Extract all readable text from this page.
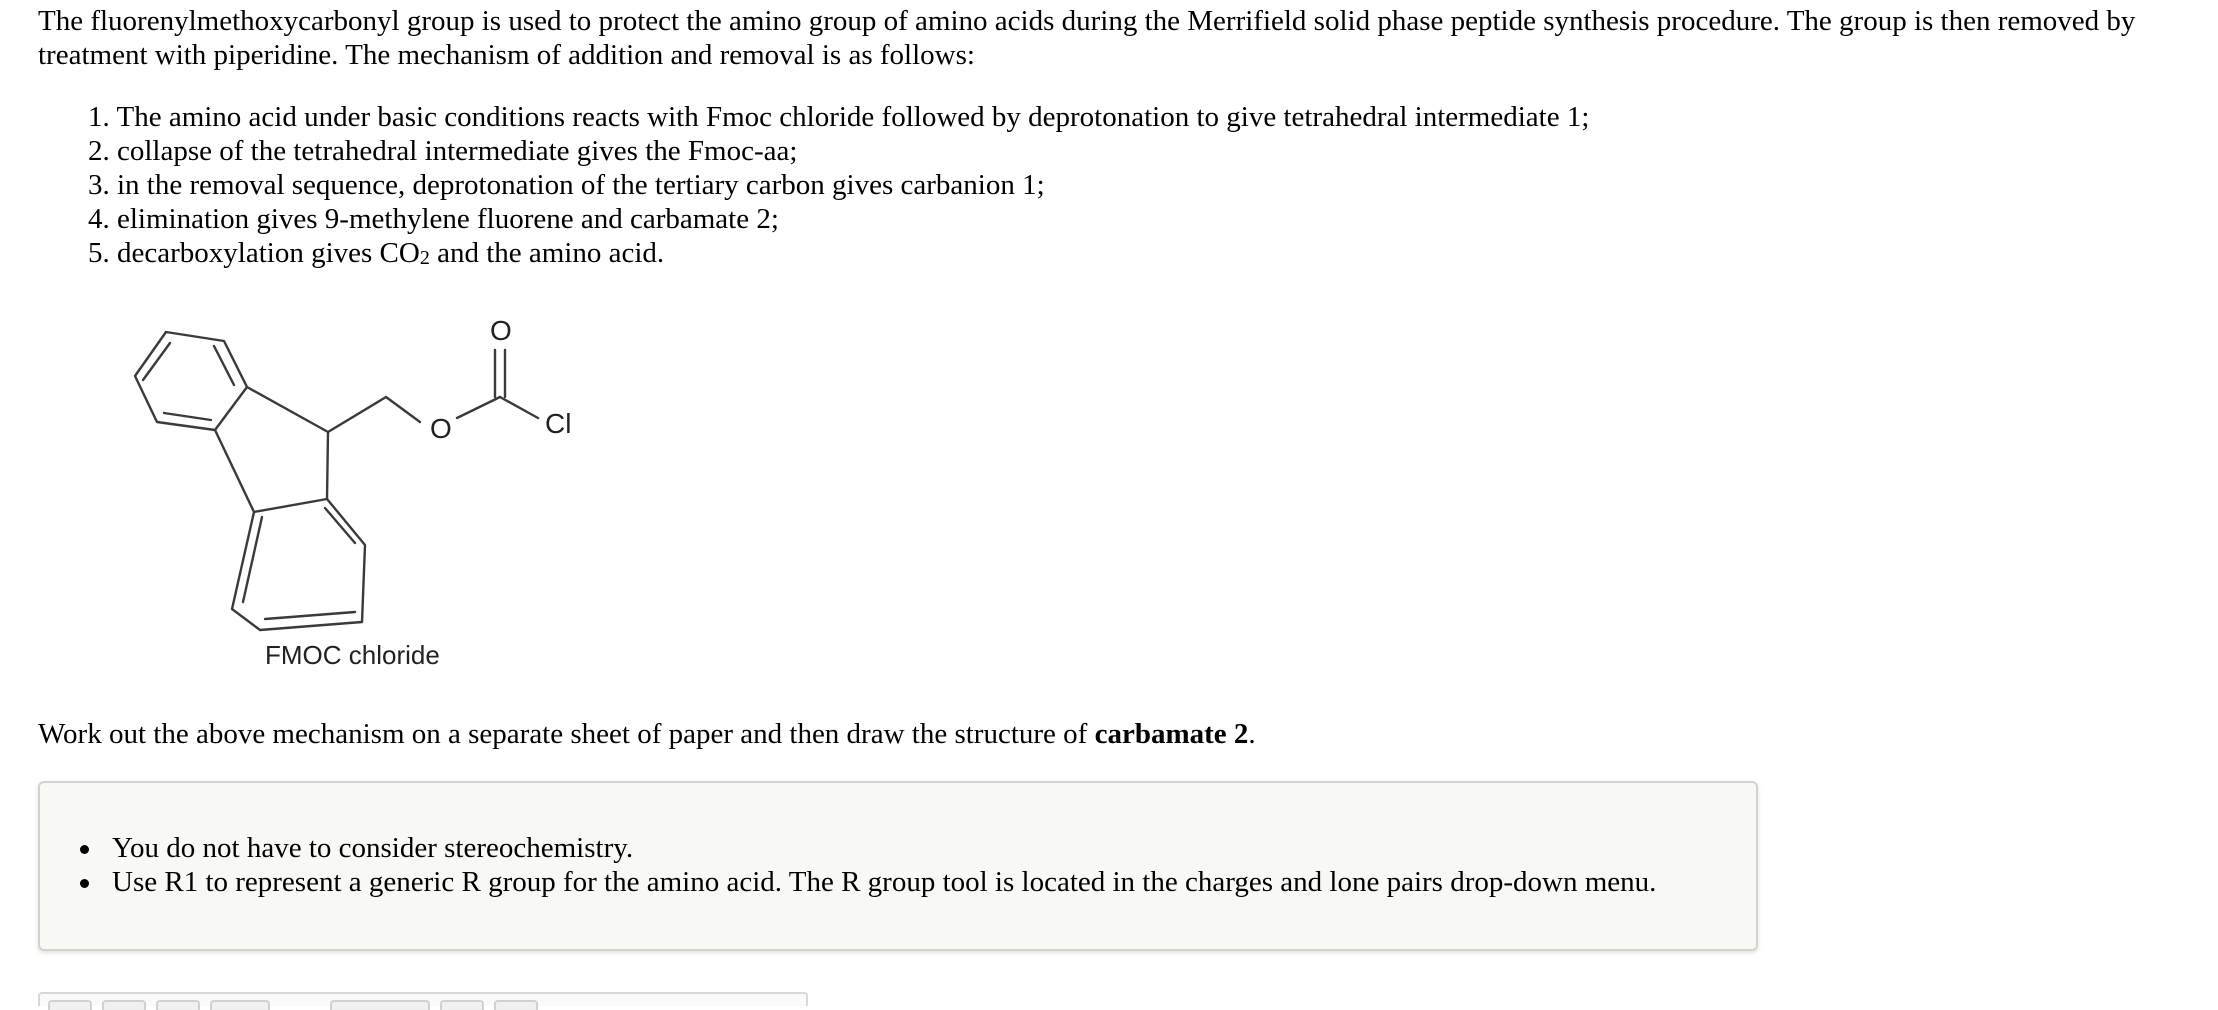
The fluorenylmethoxycarbonyl group is used to protect the amino group of amino acids during the Merrifield solid phase peptide synthesis procedure. The group is then removed by treatment with piperidine. The mechanism of addition and removal is as follows:
1. The amino acid under basic conditions reacts with Fmoc chloride followed by deprotonation to give tetrahedral intermediate 1;
2. collapse of the tetrahedral intermediate gives the Fmoc-aa;
3. in the removal sequence, deprotonation of the tertiary carbon gives carbanion 1;
4. elimination gives 9-methylene fluorene and carbamate 2;
5. decarboxylation gives $CO_2$ and the amino acid.
O
O	Cl
FMOC chloride
Work out the above mechanism on a separate sheet of paper and then draw the structure of carbamate 2.
You do not have to consider stereochemistry.
Use R1 to represent a generic R group for the amino acid. The R group tool is located in the charges and lone pairs drop-down menu.
